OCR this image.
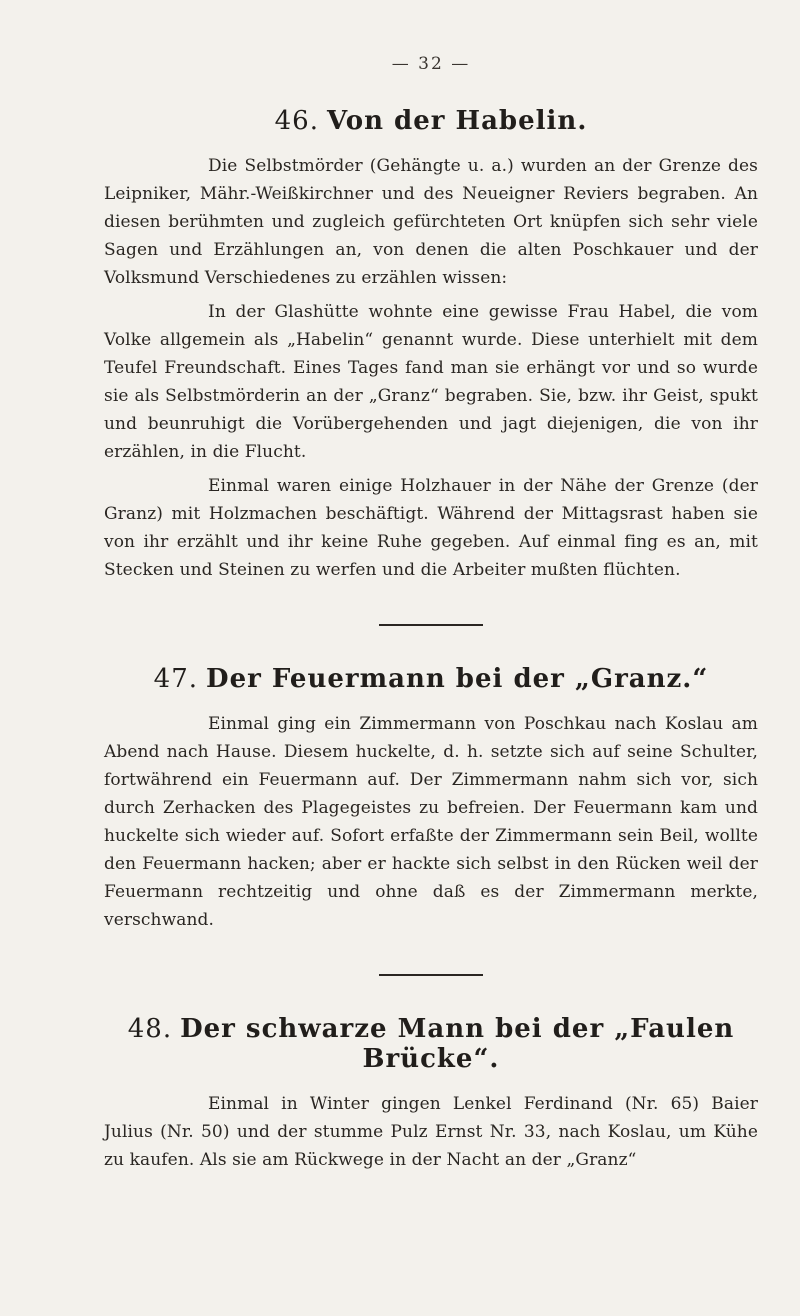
— 32 —
46. Von der Habelin.

Die Selbstmörder (Gehängte u. a.) wurden an der Grenze des Leipniker, Mähr.-Weißkirchner und des Neueigner Reviers begraben. An diesen berühmten und zugleich gefürchteten Ort knüpfen sich sehr viele Sagen und Erzählungen an, von denen die alten Poschkauer und der Volksmund Verschiedenes zu erzählen wissen:

In der Glashütte wohnte eine gewisse Frau Habel, die vom Volke allgemein als „Habelin“ genannt wurde. Diese unterhielt mit dem Teufel Freundschaft. Eines Tages fand man sie erhängt vor und so wurde sie als Selbstmörderin an der „Granz“ begraben. Sie, bzw. ihr Geist, spukt und beunruhigt die Vorübergehenden und jagt diejenigen, die von ihr erzählen, in die Flucht.

Einmal waren einige Holzhauer in der Nähe der Grenze (der Granz) mit Holzmachen beschäftigt. Während der Mittagsrast haben sie von ihr erzählt und ihr keine Ruhe gegeben. Auf einmal fing es an, mit Stecken und Steinen zu werfen und die Arbeiter mußten flüchten.

47. Der Feuermann bei der „Granz.“

Einmal ging ein Zimmermann von Poschkau nach Koslau am Abend nach Hause. Diesem huckelte, d. h. setzte sich auf seine Schulter, fortwährend ein Feuermann auf. Der Zimmermann nahm sich vor, sich durch Zerhacken des Plagegeistes zu befreien. Der Feuermann kam und huckelte sich wieder auf. Sofort erfaßte der Zimmermann sein Beil, wollte den Feuermann hacken; aber er hackte sich selbst in den Rücken weil der Feuermann rechtzeitig und ohne daß es der Zimmermann merkte, verschwand.

48. Der schwarze Mann bei der „Faulen Brücke“.

Einmal in Winter gingen Lenkel Ferdinand (Nr. 65) Baier Julius (Nr. 50) und der stumme Pulz Ernst Nr. 33, nach Koslau, um Kühe zu kaufen. Als sie am Rückwege in der Nacht an der „Granz“
